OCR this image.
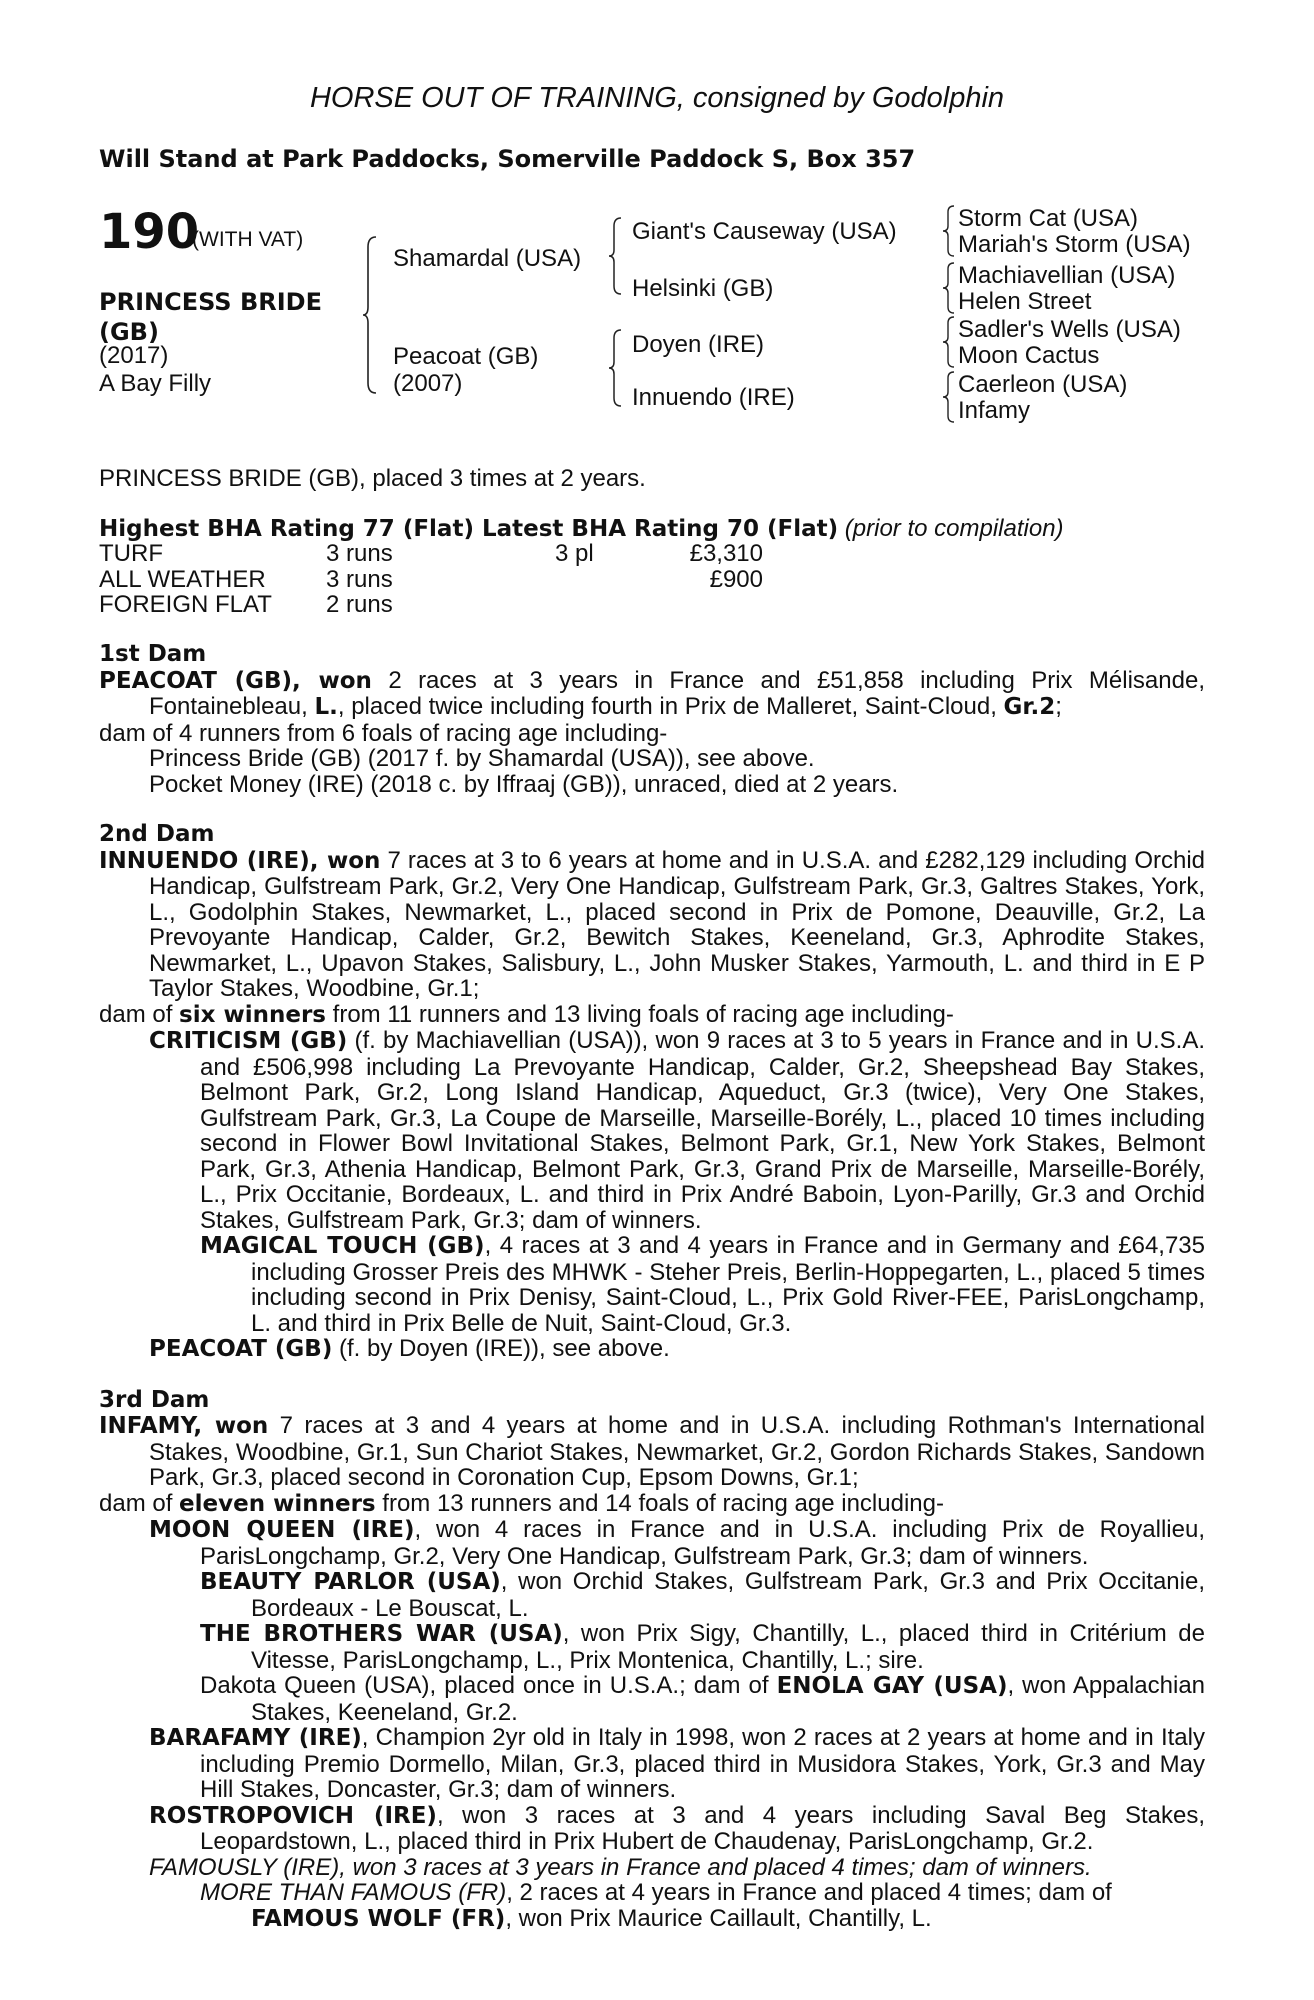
HORSE OUT OF TRAINING, consigned by Godolphin
Will Stand at Park Paddocks, Somerville Paddock S, Box 357
190
(WITH VAT)
PRINCESS BRIDE (GB)
(2017)
A Bay Filly
Shamardal (USA)
Peacoat (GB)
(2007)
Giant's Causeway (USA)
Helsinki (GB)
Doyen (IRE)
Innuendo (IRE)
Storm Cat (USA)
Mariah's Storm (USA)
Machiavellian (USA)
Helen Street
Sadler's Wells (USA)
Moon Cactus
Caerleon (USA)
Infamy
PRINCESS BRIDE (GB), placed 3 times at 2 years.
Highest BHA Rating 77 (Flat) Latest BHA Rating 70 (Flat) (prior to compilation)
TURF
ALL WEATHER
FOREIGN FLAT
3 runs
3 runs
2 runs
3 pl	£3,310
£900

1st Dam

PEACOAT (GB), won 2 races at 3 years in France and £51,858 including Prix Mélisande, Fontainebleau, L., placed twice including fourth in Prix de Malleret, Saint-Cloud, Gr.2;

dam of 4 runners from 6 foals of racing age including-

Princess Bride (GB) (2017 f. by Shamardal (USA)), see above.

Pocket Money (IRE) (2018 c. by Iffraaj (GB)), unraced, died at 2 years.

2nd Dam

INNUENDO (IRE), won 7 races at 3 to 6 years at home and in U.S.A. and £282,129 including Orchid Handicap, Gulfstream Park, Gr.2, Very One Handicap, Gulfstream Park, Gr.3, Galtres Stakes, York, L., Godolphin Stakes, Newmarket, L., placed second in Prix de Pomone, Deauville, Gr.2, La Prevoyante Handicap, Calder, Gr.2, Bewitch Stakes, Keeneland, Gr.3, Aphrodite Stakes, Newmarket, L., Upavon Stakes, Salisbury, L., John Musker Stakes, Yarmouth, L. and third in E P Taylor Stakes, Woodbine, Gr.1;

dam of six winners from 11 runners and 13 living foals of racing age including-

CRITICISM (GB) (f. by Machiavellian (USA)), won 9 races at 3 to 5 years in France and in U.S.A. and £506,998 including La Prevoyante Handicap, Calder, Gr.2, Sheepshead Bay Stakes, Belmont Park, Gr.2, Long Island Handicap, Aqueduct, Gr.3 (twice), Very One Stakes, Gulfstream Park, Gr.3, La Coupe de Marseille, Marseille-Borély, L., placed 10 times including second in Flower Bowl Invitational Stakes, Belmont Park, Gr.1, New York Stakes, Belmont Park, Gr.3, Athenia Handicap, Belmont Park, Gr.3, Grand Prix de Marseille, Marseille-Borély, L., Prix Occitanie, Bordeaux, L. and third in Prix André Baboin, Lyon-Parilly, Gr.3 and Orchid Stakes, Gulfstream Park, Gr.3; dam of winners.

MAGICAL TOUCH (GB), 4 races at 3 and 4 years in France and in Germany and £64,735 including Grosser Preis des MHWK - Steher Preis, Berlin-Hoppegarten, L., placed 5 times including second in Prix Denisy, Saint-Cloud, L., Prix Gold River-FEE, ParisLongchamp, L. and third in Prix Belle de Nuit, Saint-Cloud, Gr.3.

PEACOAT (GB) (f. by Doyen (IRE)), see above.

3rd Dam

INFAMY, won 7 races at 3 and 4 years at home and in U.S.A. including Rothman's International Stakes, Woodbine, Gr.1, Sun Chariot Stakes, Newmarket, Gr.2, Gordon Richards Stakes, Sandown Park, Gr.3, placed second in Coronation Cup, Epsom Downs, Gr.1;

dam of eleven winners from 13 runners and 14 foals of racing age including-

MOON QUEEN (IRE), won 4 races in France and in U.S.A. including Prix de Royallieu, ParisLongchamp, Gr.2, Very One Handicap, Gulfstream Park, Gr.3; dam of winners.

BEAUTY PARLOR (USA), won Orchid Stakes, Gulfstream Park, Gr.3 and Prix Occitanie, Bordeaux - Le Bouscat, L.

THE BROTHERS WAR (USA), won Prix Sigy, Chantilly, L., placed third in Critérium de Vitesse, ParisLongchamp, L., Prix Montenica, Chantilly, L.; sire.

Dakota Queen (USA), placed once in U.S.A.; dam of ENOLA GAY (USA), won Appalachian Stakes, Keeneland, Gr.2.

BARAFAMY (IRE), Champion 2yr old in Italy in 1998, won 2 races at 2 years at home and in Italy including Premio Dormello, Milan, Gr.3, placed third in Musidora Stakes, York, Gr.3 and May Hill Stakes, Doncaster, Gr.3; dam of winners.

ROSTROPOVICH (IRE), won 3 races at 3 and 4 years including Saval Beg Stakes, Leopardstown, L., placed third in Prix Hubert de Chaudenay, ParisLongchamp, Gr.2.

FAMOUSLY (IRE), won 3 races at 3 years in France and placed 4 times; dam of winners.

MORE THAN FAMOUS (FR), 2 races at 4 years in France and placed 4 times; dam of

FAMOUS WOLF (FR), won Prix Maurice Caillault, Chantilly, L.
